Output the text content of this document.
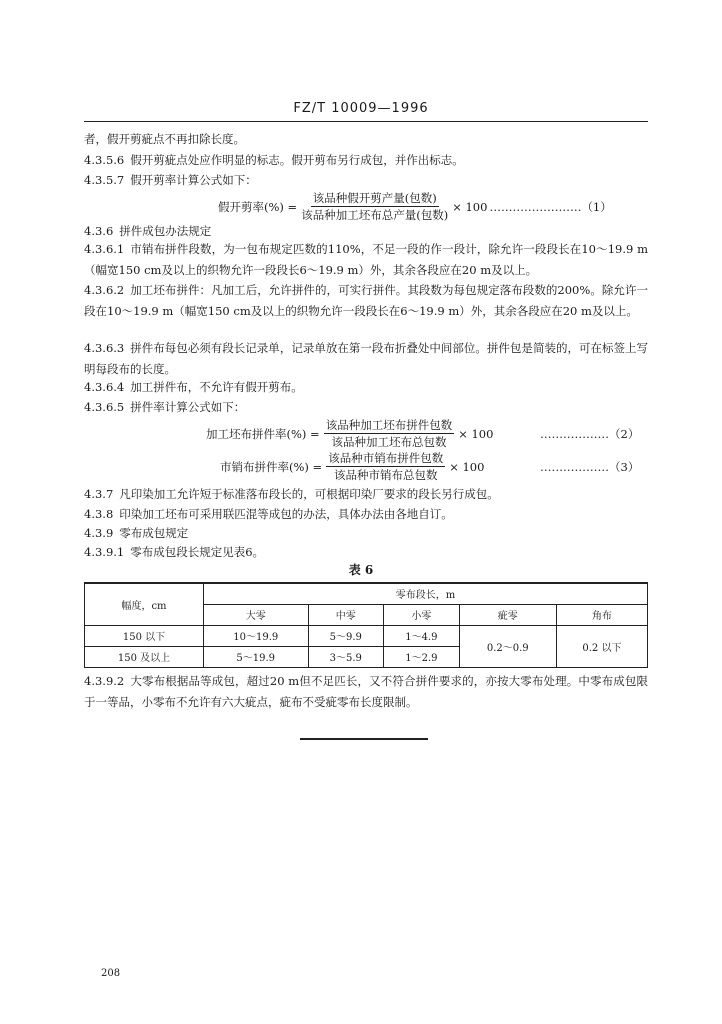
FZ/T 10009—1996
者，假开剪疵点不再扣除长度。
4.3.5.6 假开剪疵点处应作明显的标志。假开剪布另行成包，并作出标志。
4.3.5.7 假开剪率计算公式如下：
假开剪率(%) = $\frac{\text{该品种假开剪产量(包数)}}{\text{该品种加工坯布总产量(包数)}} \times 100$ …………………… （1）
4.3.6 拼件成包办法规定
4.3.6.1 市销布拼件段数，为一包布规定匹数的110%，不足一段的作一段计，除允许一段段长在10～19.9 m（幅宽150 cm及以上的织物允许一段段长6～19.9 m）外，其余各段应在20 m及以上。
4.3.6.2 加工坯布拼件：凡加工后，允许拼件的，可实行拼件。其段数为每包规定落布段数的200%。除允许一段在10～19.9 m（幅宽150 cm及以上的织物允许一段段长在6～19.9 m）外，其余各段应在20 m及以上。
4.3.6.3 拼件布每包必须有段长记录单，记录单放在第一段布折叠处中间部位。拼件包是简装的，可在标签上写明每段布的长度。
4.3.6.4 加工拼件布，不允许有假开剪布。
4.3.6.5 拼件率计算公式如下：
加工坯布拼件率(%) = $\frac{\text{该品种加工坯布拼件包数}}{\text{该品种加工坯布总包数}} \times 100$	………………（2）
市销布拼件率(%) = $\frac{\text{该品种市销布拼件包数}}{\text{该品种市销布总包数}} \times 100$	………………（3）
4.3.7 凡印染加工允许短于标准落布段长的，可根据印染厂要求的段长另行成包。
4.3.8 印染加工坯布可采用联匹混等成包的办法，具体办法由各地自订。
4.3.9 零布成包规定
4.3.9.1 零布成包段长规定见表6。
表 6
幅度，cm	零布段长，m				
	大零	中零	小零	疵零	角布
150 以下	10～19.9	5～9.9	1～4.9	0.2～0.9	0.2 以下
150 及以上	5～19.9	3～5.9	1～2.9		
4.3.9.2 大零布根据品等成包，超过20 m但不足匹长，又不符合拼件要求的，亦按大零布处理。中零布成包限于一等品，小零布不允许有六大疵点，疵布不受疵零布长度限制。
208
